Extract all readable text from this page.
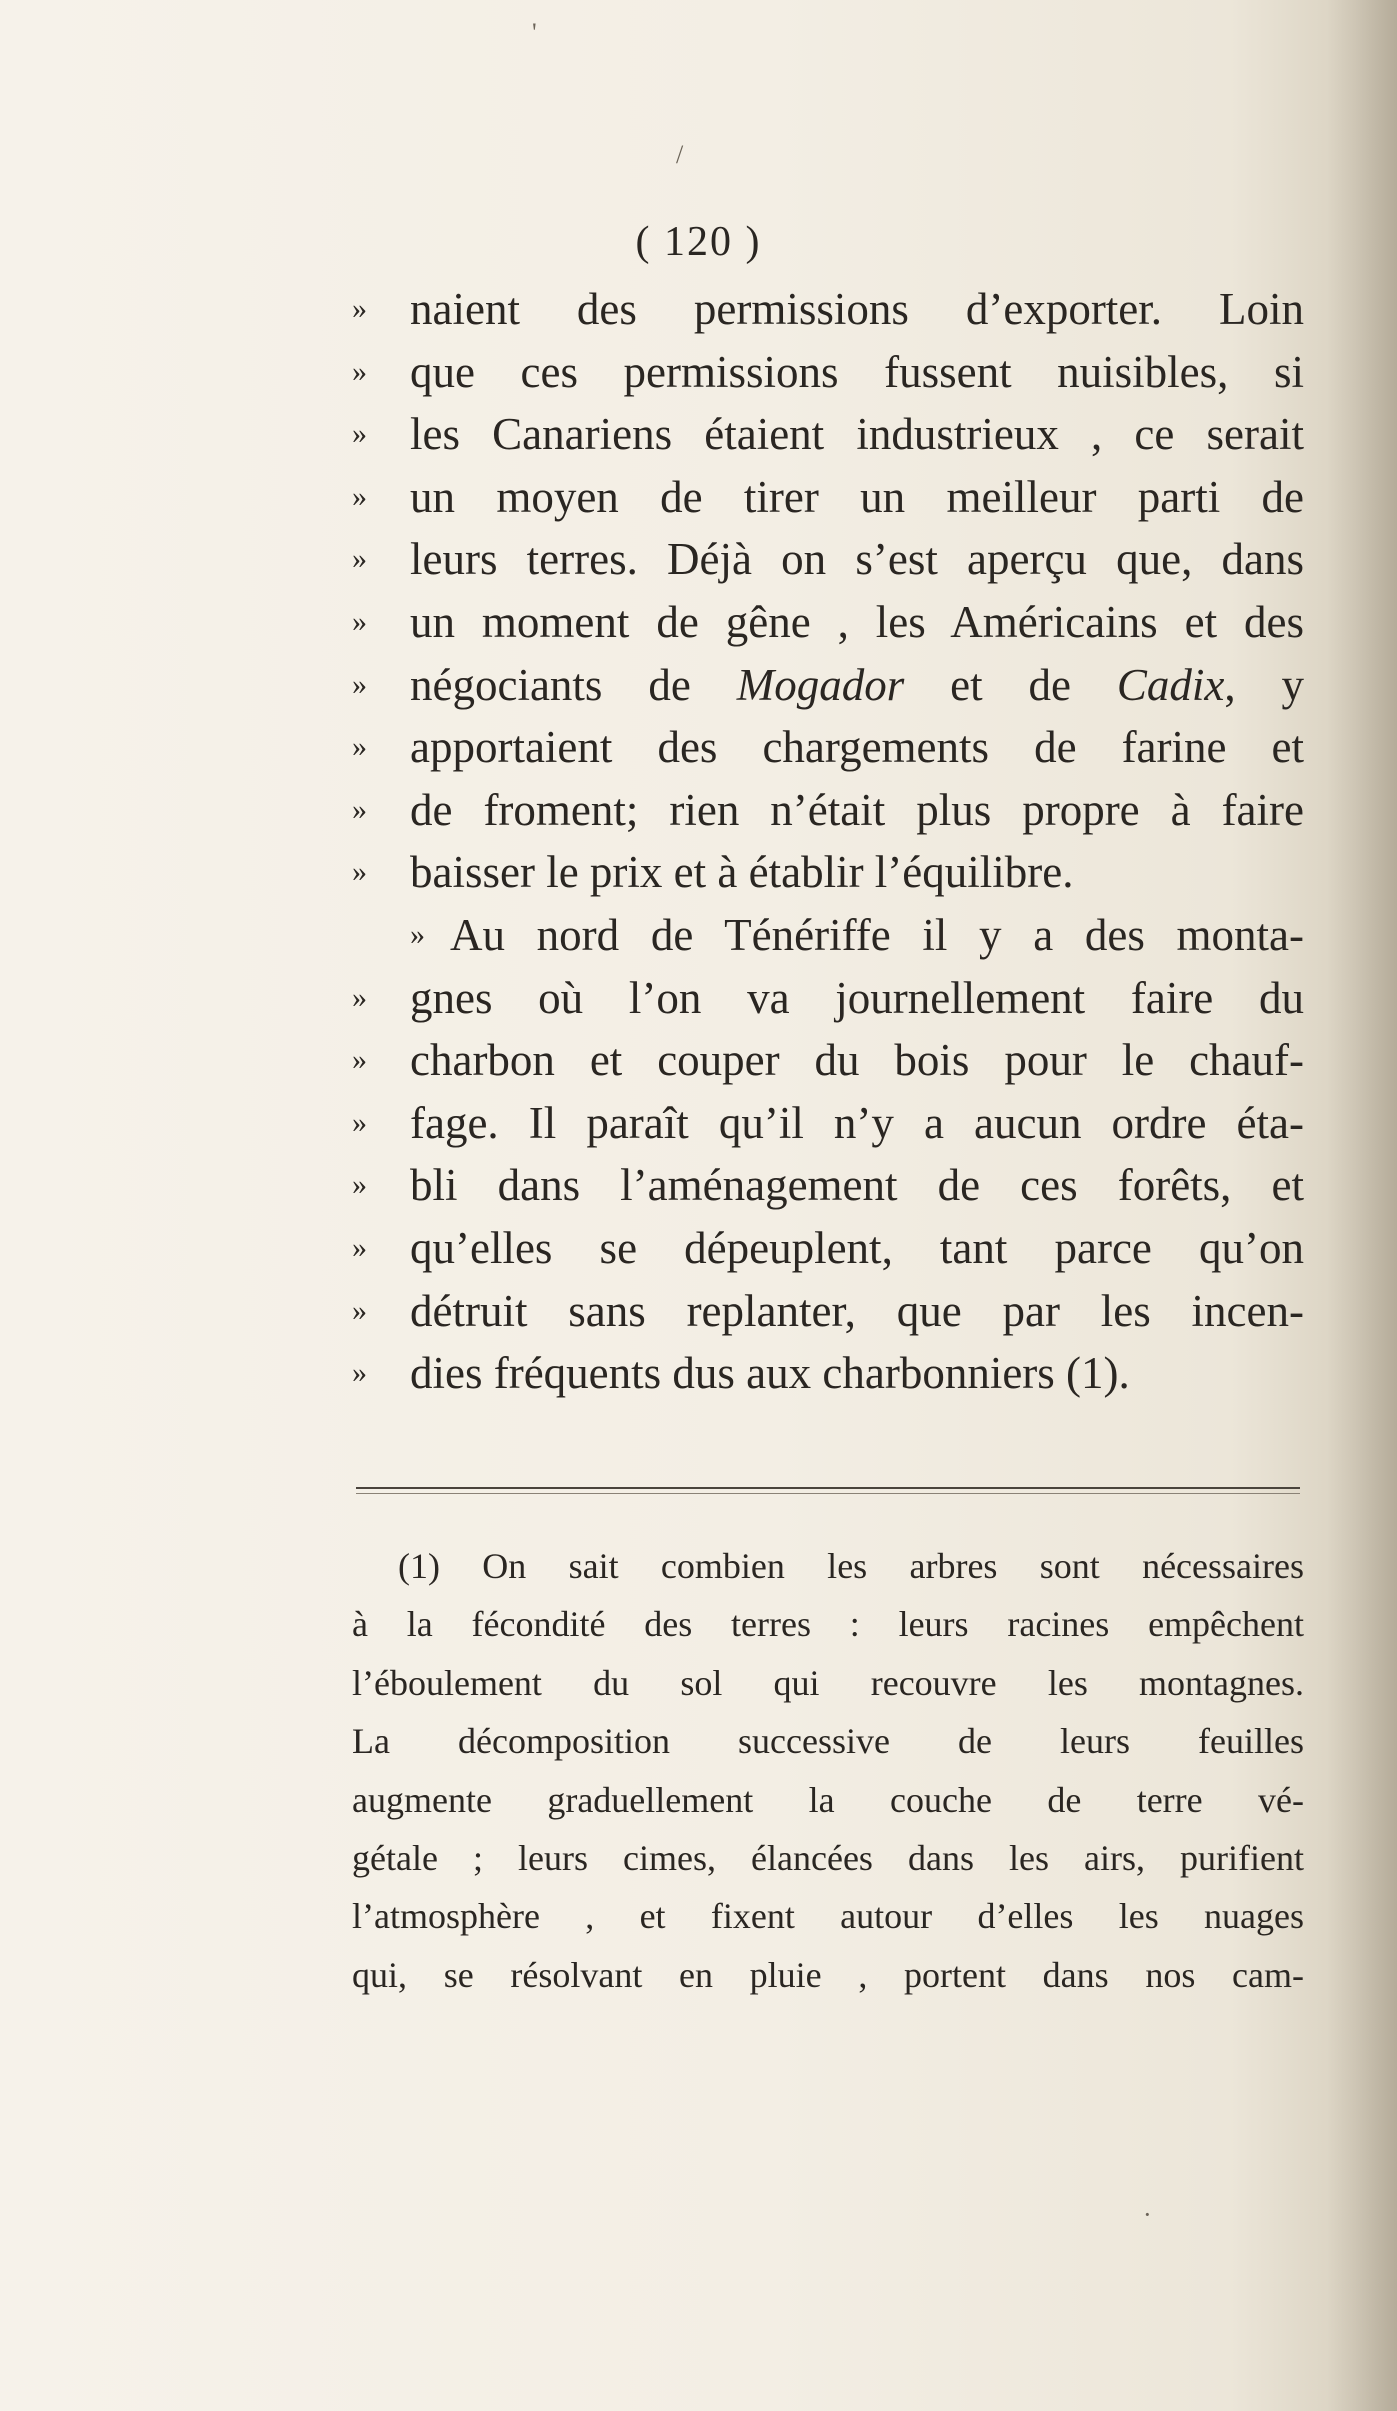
'
/
·
( 120 )
» naient des permissions d’exporter. Loin
» que ces permissions fussent nuisibles, si
» les Canariens étaient industrieux , ce serait
» un moyen de tirer un meilleur parti de
» leurs terres. Déjà on s’est aperçu que, dans
» un moment de gêne , les Américains et des
» négociants de Mogador et de Cadix, y
» apportaient des chargements de farine et
» de froment; rien n’était plus propre à faire
» baisser le prix et à établir l’équilibre.
» Au nord de Ténériffe il y a des monta-
» gnes où l’on va journellement faire du
» charbon et couper du bois pour le chauf-
» fage. Il paraît qu’il n’y a aucun ordre éta-
» bli dans l’aménagement de ces forêts, et
» qu’elles se dépeuplent, tant parce qu’on
» détruit sans replanter, que par les incen-
» dies fréquents dus aux charbonniers (1).
(1) On sait combien les arbres sont nécessaires
à la fécondité des terres : leurs racines empêchent
l’éboulement du sol qui recouvre les montagnes.
La décomposition successive de leurs feuilles
augmente graduellement la couche de terre vé-
gétale ; leurs cimes, élancées dans les airs, purifient
l’atmosphère , et fixent autour d’elles les nuages
qui, se résolvant en pluie , portent dans nos cam-
